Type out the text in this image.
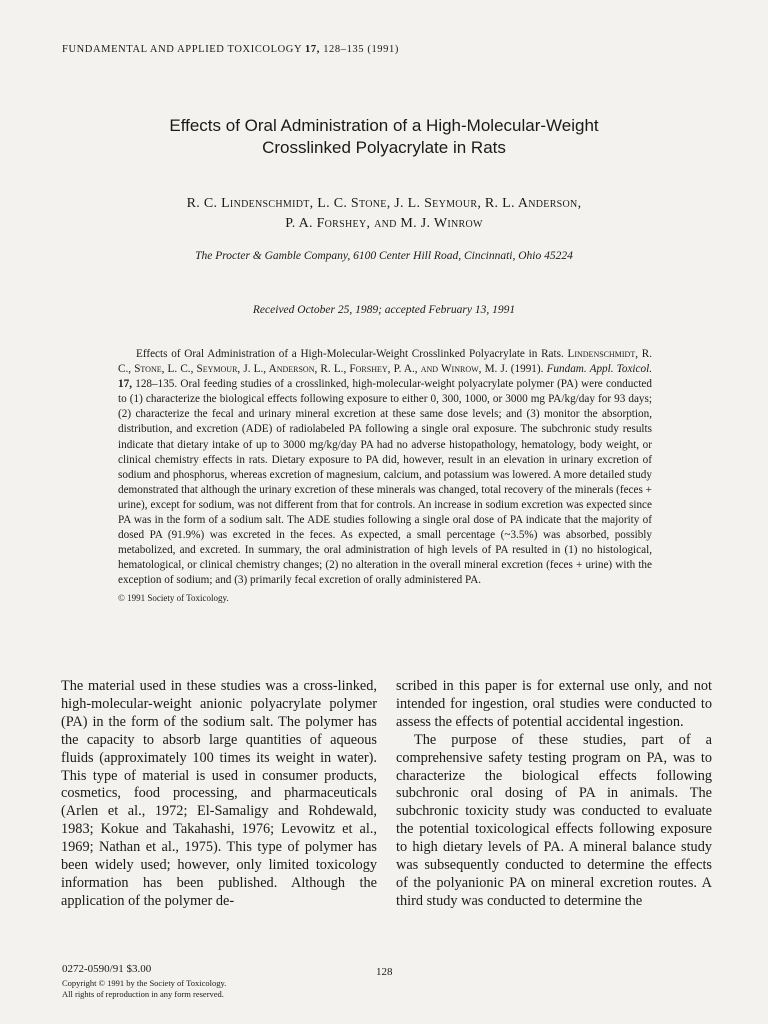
FUNDAMENTAL AND APPLIED TOXICOLOGY 17, 128–135 (1991)
Effects of Oral Administration of a High-Molecular-Weight
Crosslinked Polyacrylate in Rats
R. C. Lindenschmidt, L. C. Stone, J. L. Seymour, R. L. Anderson,
P. A. Forshey, and M. J. Winrow
The Procter & Gamble Company, 6100 Center Hill Road, Cincinnati, Ohio 45224
Received October 25, 1989; accepted February 13, 1991

Effects of Oral Administration of a High-Molecular-Weight Crosslinked Polyacrylate in Rats. Lindenschmidt, R. C., Stone, L. C., Seymour, J. L., Anderson, R. L., Forshey, P. A., and Winrow, M. J. (1991). Fundam. Appl. Toxicol. 17, 128–135. Oral feeding studies of a crosslinked, high-molecular-weight polyacrylate polymer (PA) were conducted to (1) characterize the biological effects following exposure to either 0, 300, 1000, or 3000 mg PA/kg/day for 93 days; (2) characterize the fecal and urinary mineral excretion at these same dose levels; and (3) monitor the absorption, distribution, and excretion (ADE) of radiolabeled PA following a single oral exposure. The subchronic study results indicate that dietary intake of up to 3000 mg/kg/day PA had no adverse histopathology, hematology, body weight, or clinical chemistry effects in rats. Dietary exposure to PA did, however, result in an elevation in urinary excretion of sodium and phosphorus, whereas excretion of magnesium, calcium, and potassium was lowered. A more detailed study demonstrated that although the urinary excretion of these minerals was changed, total recovery of the minerals (feces + urine), except for sodium, was not different from that for controls. An increase in sodium excretion was expected since PA was in the form of a sodium salt. The ADE studies following a single oral dose of PA indicate that the majority of dosed PA (91.9%) was excreted in the feces. As expected, a small percentage (~3.5%) was absorbed, possibly metabolized, and excreted. In summary, the oral administration of high levels of PA resulted in (1) no histological, hematological, or clinical chemistry changes; (2) no alteration in the overall mineral excretion (feces + urine) with the exception of sodium; and (3) primarily fecal excretion of orally administered PA.

© 1991 Society of Toxicology.

The material used in these studies was a cross-linked, high-molecular-weight anionic polyacrylate polymer (PA) in the form of the sodium salt. The polymer has the capacity to absorb large quantities of aqueous fluids (approximately 100 times its weight in water). This type of material is used in consumer products, cosmetics, food processing, and pharmaceuticals (Arlen et al., 1972; El-Samaligy and Rohdewald, 1983; Kokue and Takahashi, 1976; Levowitz et al., 1969; Nathan et al., 1975). This type of polymer has been widely used; however, only limited toxicology information has been published. Although the application of the polymer de-

scribed in this paper is for external use only, and not intended for ingestion, oral studies were conducted to assess the effects of potential accidental ingestion.

The purpose of these studies, part of a comprehensive safety testing program on PA, was to characterize the biological effects following subchronic oral dosing of PA in animals. The subchronic toxicity study was conducted to evaluate the potential toxicological effects following exposure to high dietary levels of PA. A mineral balance study was subsequently conducted to determine the effects of the polyanionic PA on mineral excretion routes. A third study was conducted to determine the

0272-0590/91 $3.00
Copyright © 1991 by the Society of Toxicology.
All rights of reproduction in any form reserved.
128
